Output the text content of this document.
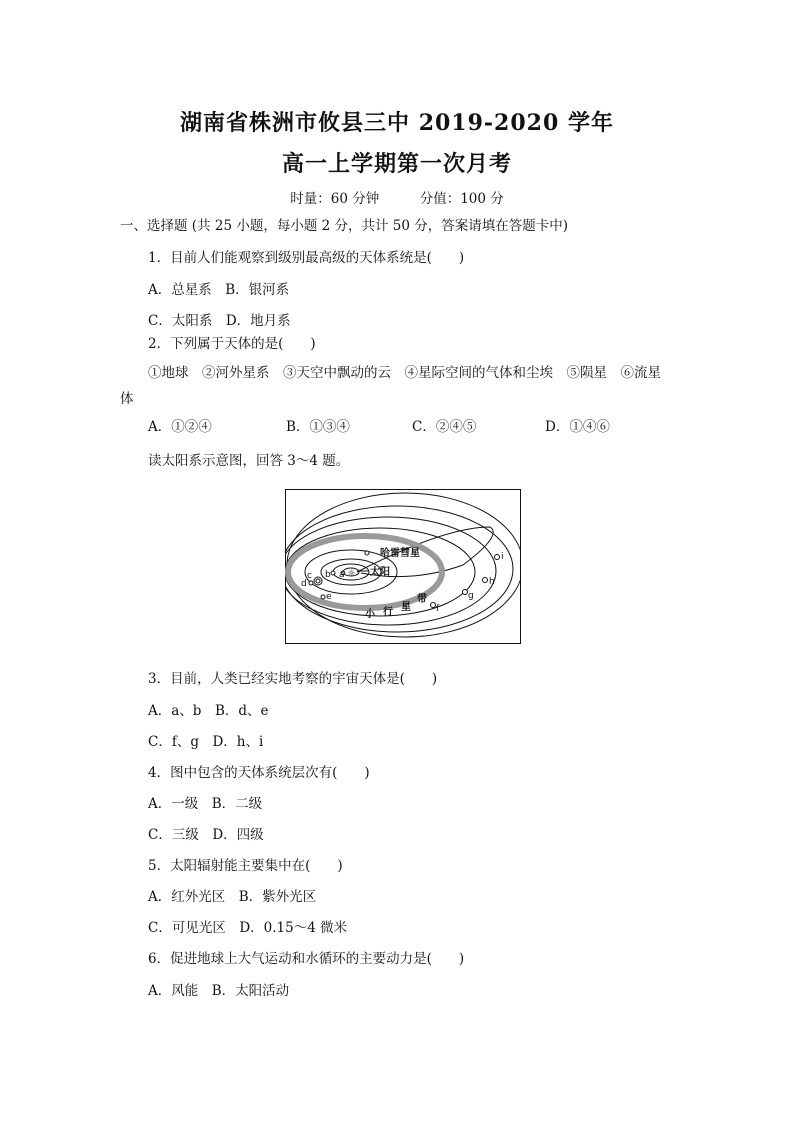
湖南省株洲市攸县三中 2019-2020 学年
高一上学期第一次月考
时量：60 分钟　　　分值：100 分
一、选择题 (共 25 小题，每小题 2 分，共计 50 分，答案请填在答题卡中)
1．目前人们能观察到级别最高级的天体系统是(　　)
A．总星系　B．银河系
C．太阳系　D．地月系
2．下列属于天体的是(　　)
①地球　②河外星系　③天空中飘动的云　④星际空间的气体和尘埃　⑤陨星　⑥流星
体
A．①②④	B．①③④	C．②④⑤	D．①④⑥
读太阳系示意图，回答 3～4 题。
☼ 太阳
哈雷彗星
a
b
c
d
e
f
g
h
i
小 行 星
带
3．目前，人类已经实地考察的宇宙天体是(　　)
A．a、b　B．d、e
C．f、g　D．h、i
4．图中包含的天体系统层次有(　　)
A．一级　B．二级
C．三级　D．四级
5．太阳辐射能主要集中在(　　)
A．红外光区　B．紫外光区
C．可见光区　D．0.15～4 微米
6．促进地球上大气运动和水循环的主要动力是(　　)
A．风能　B．太阳活动
